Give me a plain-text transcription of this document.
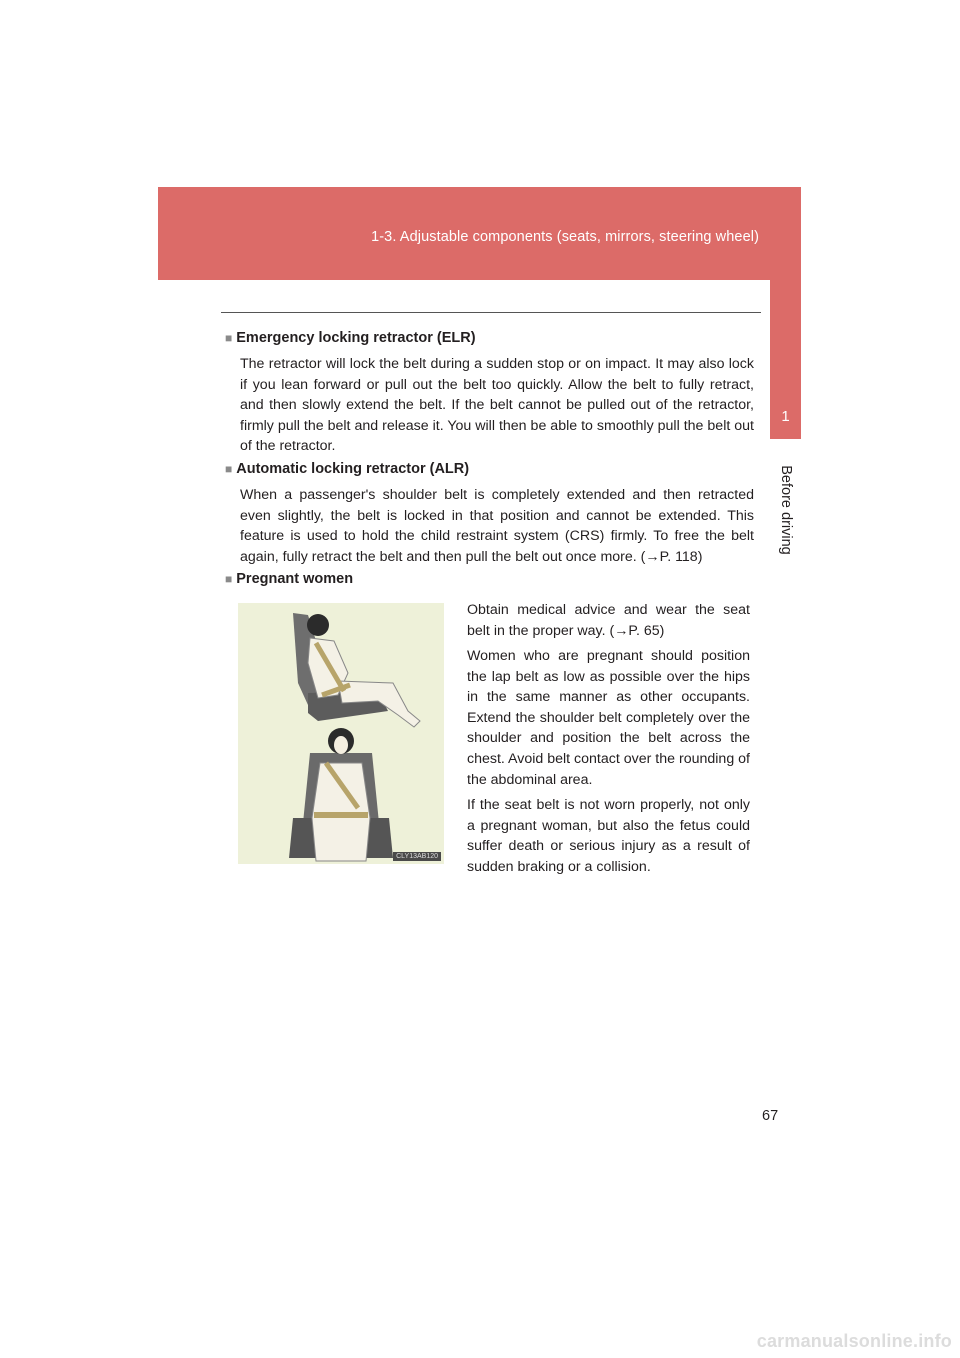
1-3. Adjustable components (seats, mirrors, steering wheel)
1
Before driving
■ Emergency locking retractor (ELR)

The retractor will lock the belt during a sudden stop or on impact. It may also lock if you lean forward or pull out the belt too quickly. Allow the belt to fully retract, and then slowly extend the belt. If the belt cannot be pulled out of the retractor, firmly pull the belt and release it. You will then be able to smoothly pull the belt out of the retractor.

■ Automatic locking retractor (ALR)

When a passenger's shoulder belt is completely extended and then retracted even slightly, the belt is locked in that position and cannot be extended. This feature is used to hold the child restraint system (CRS) firmly. To free the belt again, fully retract the belt and then pull the belt out once more. (→P. 118)

■ Pregnant women
CLY13AB120

Obtain medical advice and wear the seat belt in the proper way. (→P. 65)

Women who are pregnant should position the lap belt as low as possible over the hips in the same manner as other occupants. Extend the shoulder belt completely over the shoulder and position the belt across the chest. Avoid belt contact over the rounding of the abdominal area.

If the seat belt is not worn properly, not only a pregnant woman, but also the fetus could suffer death or serious injury as a result of sudden braking or a collision.

67
carmanualsonline.info
